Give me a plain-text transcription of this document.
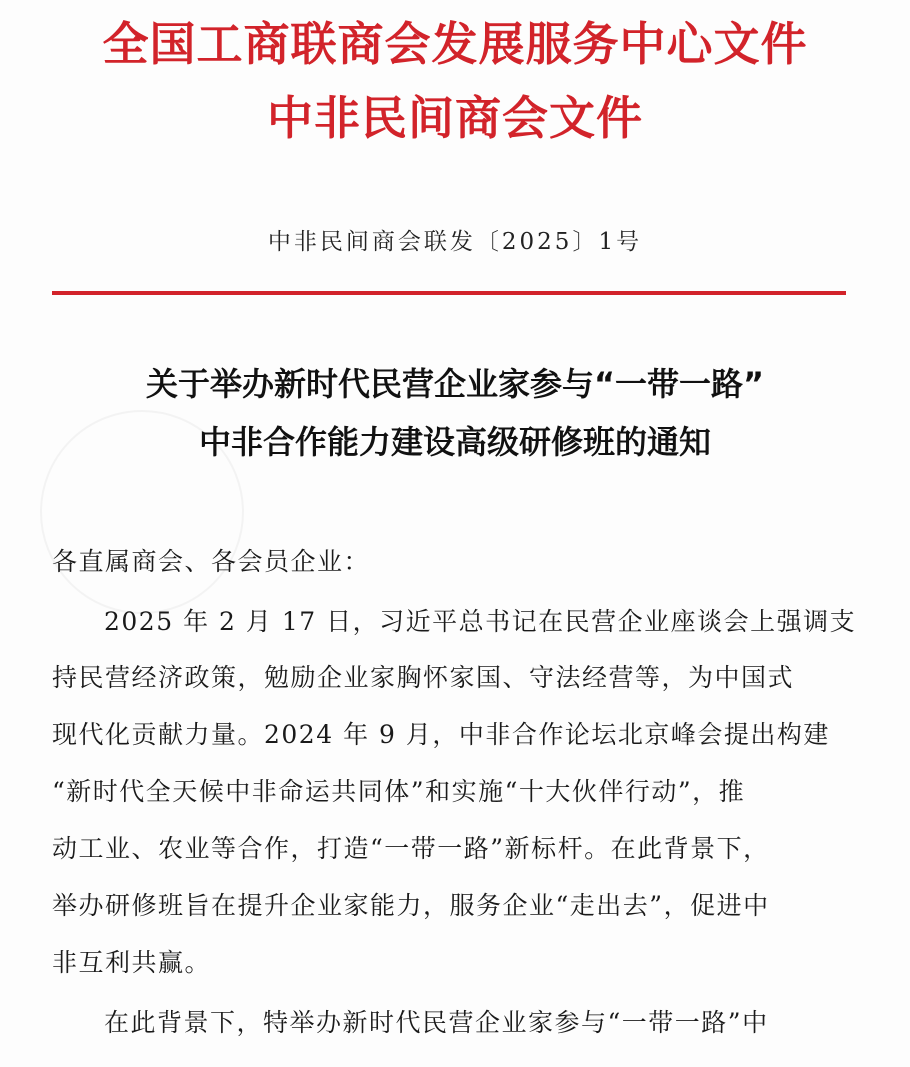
全国工商联商会发展服务中心文件
中非民间商会文件
中非民间商会联发〔2025〕1号
关于举办新时代民营企业家参与“一带一路”
中非合作能力建设高级研修班的通知
各直属商会、各会员企业：
2025 年 2 月 17 日，习近平总书记在民营企业座谈会上强调支
持民营经济政策，勉励企业家胸怀家国、守法经营等，为中国式
现代化贡献力量。2024 年 9 月，中非合作论坛北京峰会提出构建
“新时代全天候中非命运共同体”和实施“十大伙伴行动”，推
动工业、农业等合作，打造“一带一路”新标杆。在此背景下，
举办研修班旨在提升企业家能力，服务企业“走出去”，促进中
非互利共赢。
在此背景下，特举办新时代民营企业家参与“一带一路”中
